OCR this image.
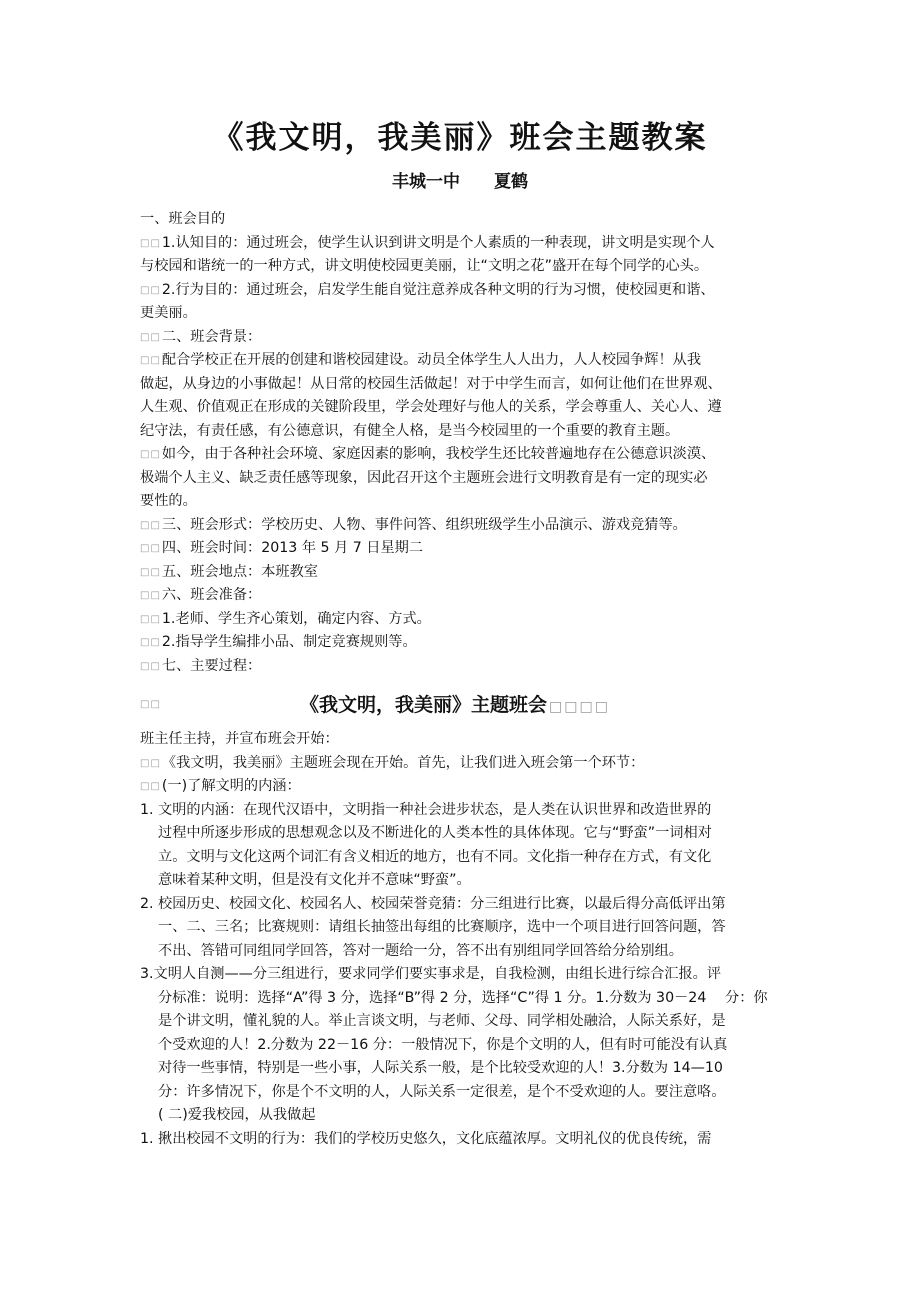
《我文明，我美丽》班会主题教案
丰城一中 夏鹤
一、班会目的
□□1.认知目的：通过班会，使学生认识到讲文明是个人素质的一种表现，讲文明是实现个人
与校园和谐统一的一种方式，讲文明使校园更美丽，让“文明之花”盛开在每个同学的心头。
□□2.行为目的：通过班会，启发学生能自觉注意养成各种文明的行为习惯，使校园更和谐、
更美丽。
□□二、班会背景：
□□配合学校正在开展的创建和谐校园建设。动员全体学生人人出力，人人校园争辉！从我
做起，从身边的小事做起！从日常的校园生活做起！对于中学生而言，如何让他们在世界观、
人生观、价值观正在形成的关键阶段里，学会处理好与他人的关系，学会尊重人、关心人、遵
纪守法，有责任感，有公德意识，有健全人格，是当今校园里的一个重要的教育主题。
□□如今，由于各种社会环境、家庭因素的影响，我校学生还比较普遍地存在公德意识淡漠、
极端个人主义、缺乏责任感等现象，因此召开这个主题班会进行文明教育是有一定的现实必
要性的。
□□三、班会形式：学校历史、人物、事件问答、组织班级学生小品演示、游戏竞猜等。
□□四、班会时间：2013 年 5 月 7 日星期二
□□五、班会地点：本班教室
□□六、班会准备：
□□1.老师、学生齐心策划，确定内容、方式。
□□2.指导学生编排小品、制定竞赛规则等。
□□七、主要过程：
□□	《我文明，我美丽》主题班会 □□□□
班主任主持，并宣布班会开始：
□□《我文明，我美丽》主题班会现在开始。首先，让我们进入班会第一个环节：
□□(一)了解文明的内涵：
1. 文明的内涵：在现代汉语中，文明指一种社会进步状态，是人类在认识世界和改造世界的
过程中所逐步形成的思想观念以及不断进化的人类本性的具体体现。它与“野蛮”一词相对
立。文明与文化这两个词汇有含义相近的地方，也有不同。文化指一种存在方式，有文化
意味着某种文明，但是没有文化并不意味“野蛮”。
2. 校园历史、校园文化、校园名人、校园荣誉竞猜：分三组进行比赛，以最后得分高低评出第
一、二、三名；比赛规则：请组长抽签出每组的比赛顺序，选中一个项目进行回答问题，答
不出、答错可同组同学回答，答对一题给一分，答不出有别组同学回答给分给别组。
3.文明人自测——分三组进行，要求同学们要实事求是，自我检测，由组长进行综合汇报。评
分标准：说明：选择“A”得 3 分，选择“B”得 2 分，选择“C”得 1 分。1.分数为 30－24　 分：你
是个讲文明，懂礼貌的人。举止言谈文明，与老师、父母、同学相处融洽，人际关系好，是
个受欢迎的人！2.分数为 22－16 分：一般情况下，你是个文明的人，但有时可能没有认真
对待一些事情，特别是一些小事，人际关系一般，是个比较受欢迎的人！3.分数为 14—10
分：许多情况下，你是个不文明的人，人际关系一定很差，是个不受欢迎的人。要注意咯。
( 二)爱我校园，从我做起
1. 揪出校园不文明的行为：我们的学校历史悠久，文化底蕴浓厚。文明礼仪的优良传统，需
